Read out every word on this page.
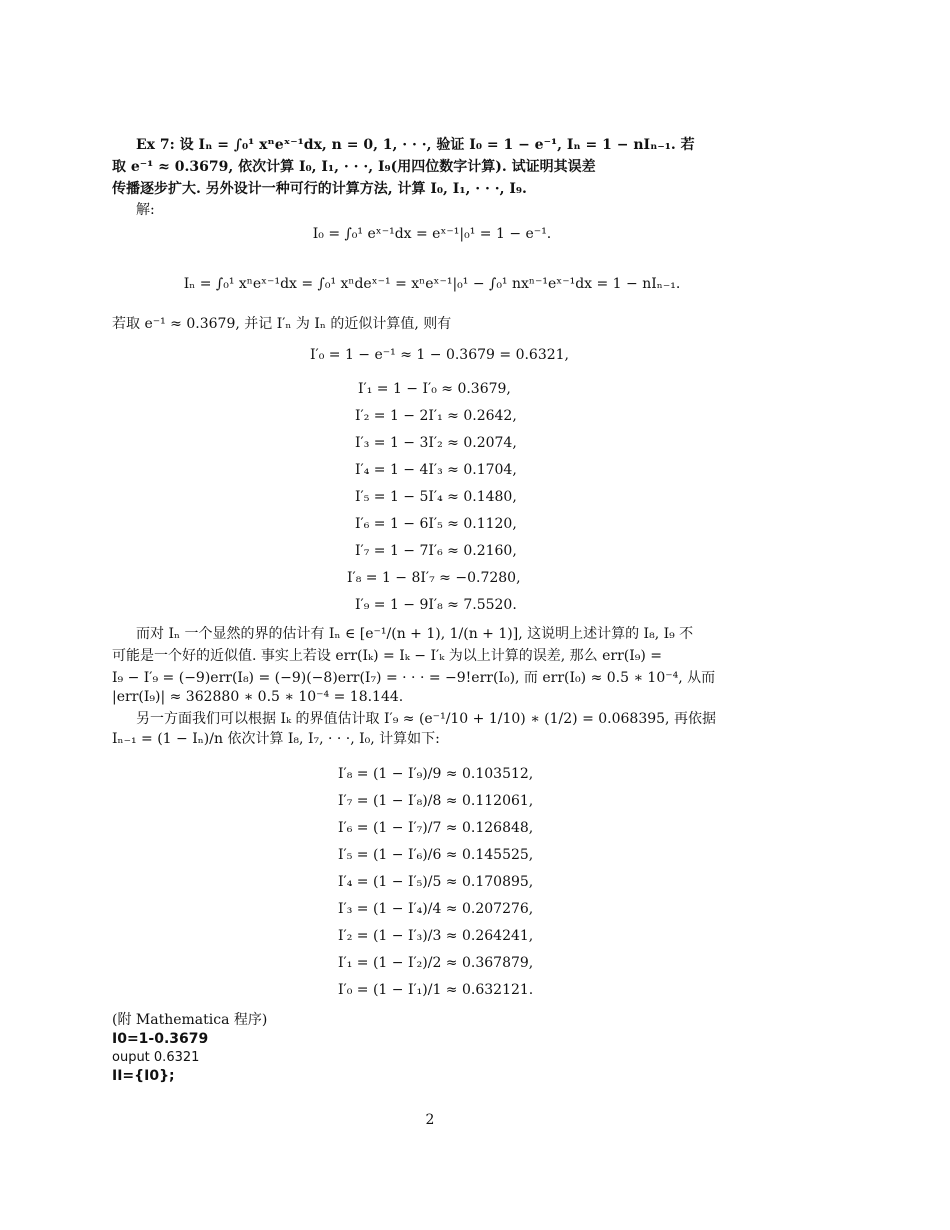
Ex 7: 设 Iₙ = ∫₀¹ xⁿeˣ⁻¹dx, n = 0, 1, · · ·, 验证 I₀ = 1 − e⁻¹, Iₙ = 1 − nIₙ₋₁. 若
取 e⁻¹ ≈ 0.3679, 依次计算 I₀, I₁, · · ·, I₉(用四位数字计算). 试证明其误差
传播逐步扩大. 另外设计一种可行的计算方法, 计算 I₀, I₁, · · ·, I₉.
解:
I₀ = ∫₀¹ eˣ⁻¹dx = eˣ⁻¹|₀¹ = 1 − e⁻¹.
Iₙ = ∫₀¹ xⁿeˣ⁻¹dx = ∫₀¹ xⁿdeˣ⁻¹ = xⁿeˣ⁻¹|₀¹ − ∫₀¹ nxⁿ⁻¹eˣ⁻¹dx = 1 − nIₙ₋₁.
若取 e⁻¹ ≈ 0.3679, 并记 I′ₙ 为 Iₙ 的近似计算值, 则有
I′₀ = 1 − e⁻¹ ≈ 1 − 0.3679 = 0.6321,
I′₁ = 1 − I′₀ ≈ 0.3679,
I′₂ = 1 − 2I′₁ ≈ 0.2642,
I′₃ = 1 − 3I′₂ ≈ 0.2074,
I′₄ = 1 − 4I′₃ ≈ 0.1704,
I′₅ = 1 − 5I′₄ ≈ 0.1480,
I′₆ = 1 − 6I′₅ ≈ 0.1120,
I′₇ = 1 − 7I′₆ ≈ 0.2160,
I′₈ = 1 − 8I′₇ ≈ −0.7280,
I′₉ = 1 − 9I′₈ ≈ 7.5520.
而对 Iₙ 一个显然的界的估计有 Iₙ ∈ [e⁻¹/(n + 1), 1/(n + 1)], 这说明上述计算的 I₈, I₉ 不
可能是一个好的近似值. 事实上若设 err(Iₖ) = Iₖ − I′ₖ 为以上计算的误差, 那么 err(I₉) =
I₉ − I′₉ = (−9)err(I₈) = (−9)(−8)err(I₇) = · · · = −9!err(I₀), 而 err(I₀) ≈ 0.5 ∗ 10⁻⁴, 从而
|err(I₉)| ≈ 362880 ∗ 0.5 ∗ 10⁻⁴ = 18.144.
另一方面我们可以根据 Iₖ 的界值估计取 I′₉ ≈ (e⁻¹/10 + 1/10) ∗ (1/2) = 0.068395, 再依据
Iₙ₋₁ = (1 − Iₙ)/n 依次计算 I₈, I₇, · · ·, I₀, 计算如下:
I′₈ = (1 − I′₉)/9 ≈ 0.103512,
I′₇ = (1 − I′₈)/8 ≈ 0.112061,
I′₆ = (1 − I′₇)/7 ≈ 0.126848,
I′₅ = (1 − I′₆)/6 ≈ 0.145525,
I′₄ = (1 − I′₅)/5 ≈ 0.170895,
I′₃ = (1 − I′₄)/4 ≈ 0.207276,
I′₂ = (1 − I′₃)/3 ≈ 0.264241,
I′₁ = (1 − I′₂)/2 ≈ 0.367879,
I′₀ = (1 − I′₁)/1 ≈ 0.632121.
(附 Mathematica 程序)
I0=1-0.3679
ouput 0.6321
II={I0};
2
